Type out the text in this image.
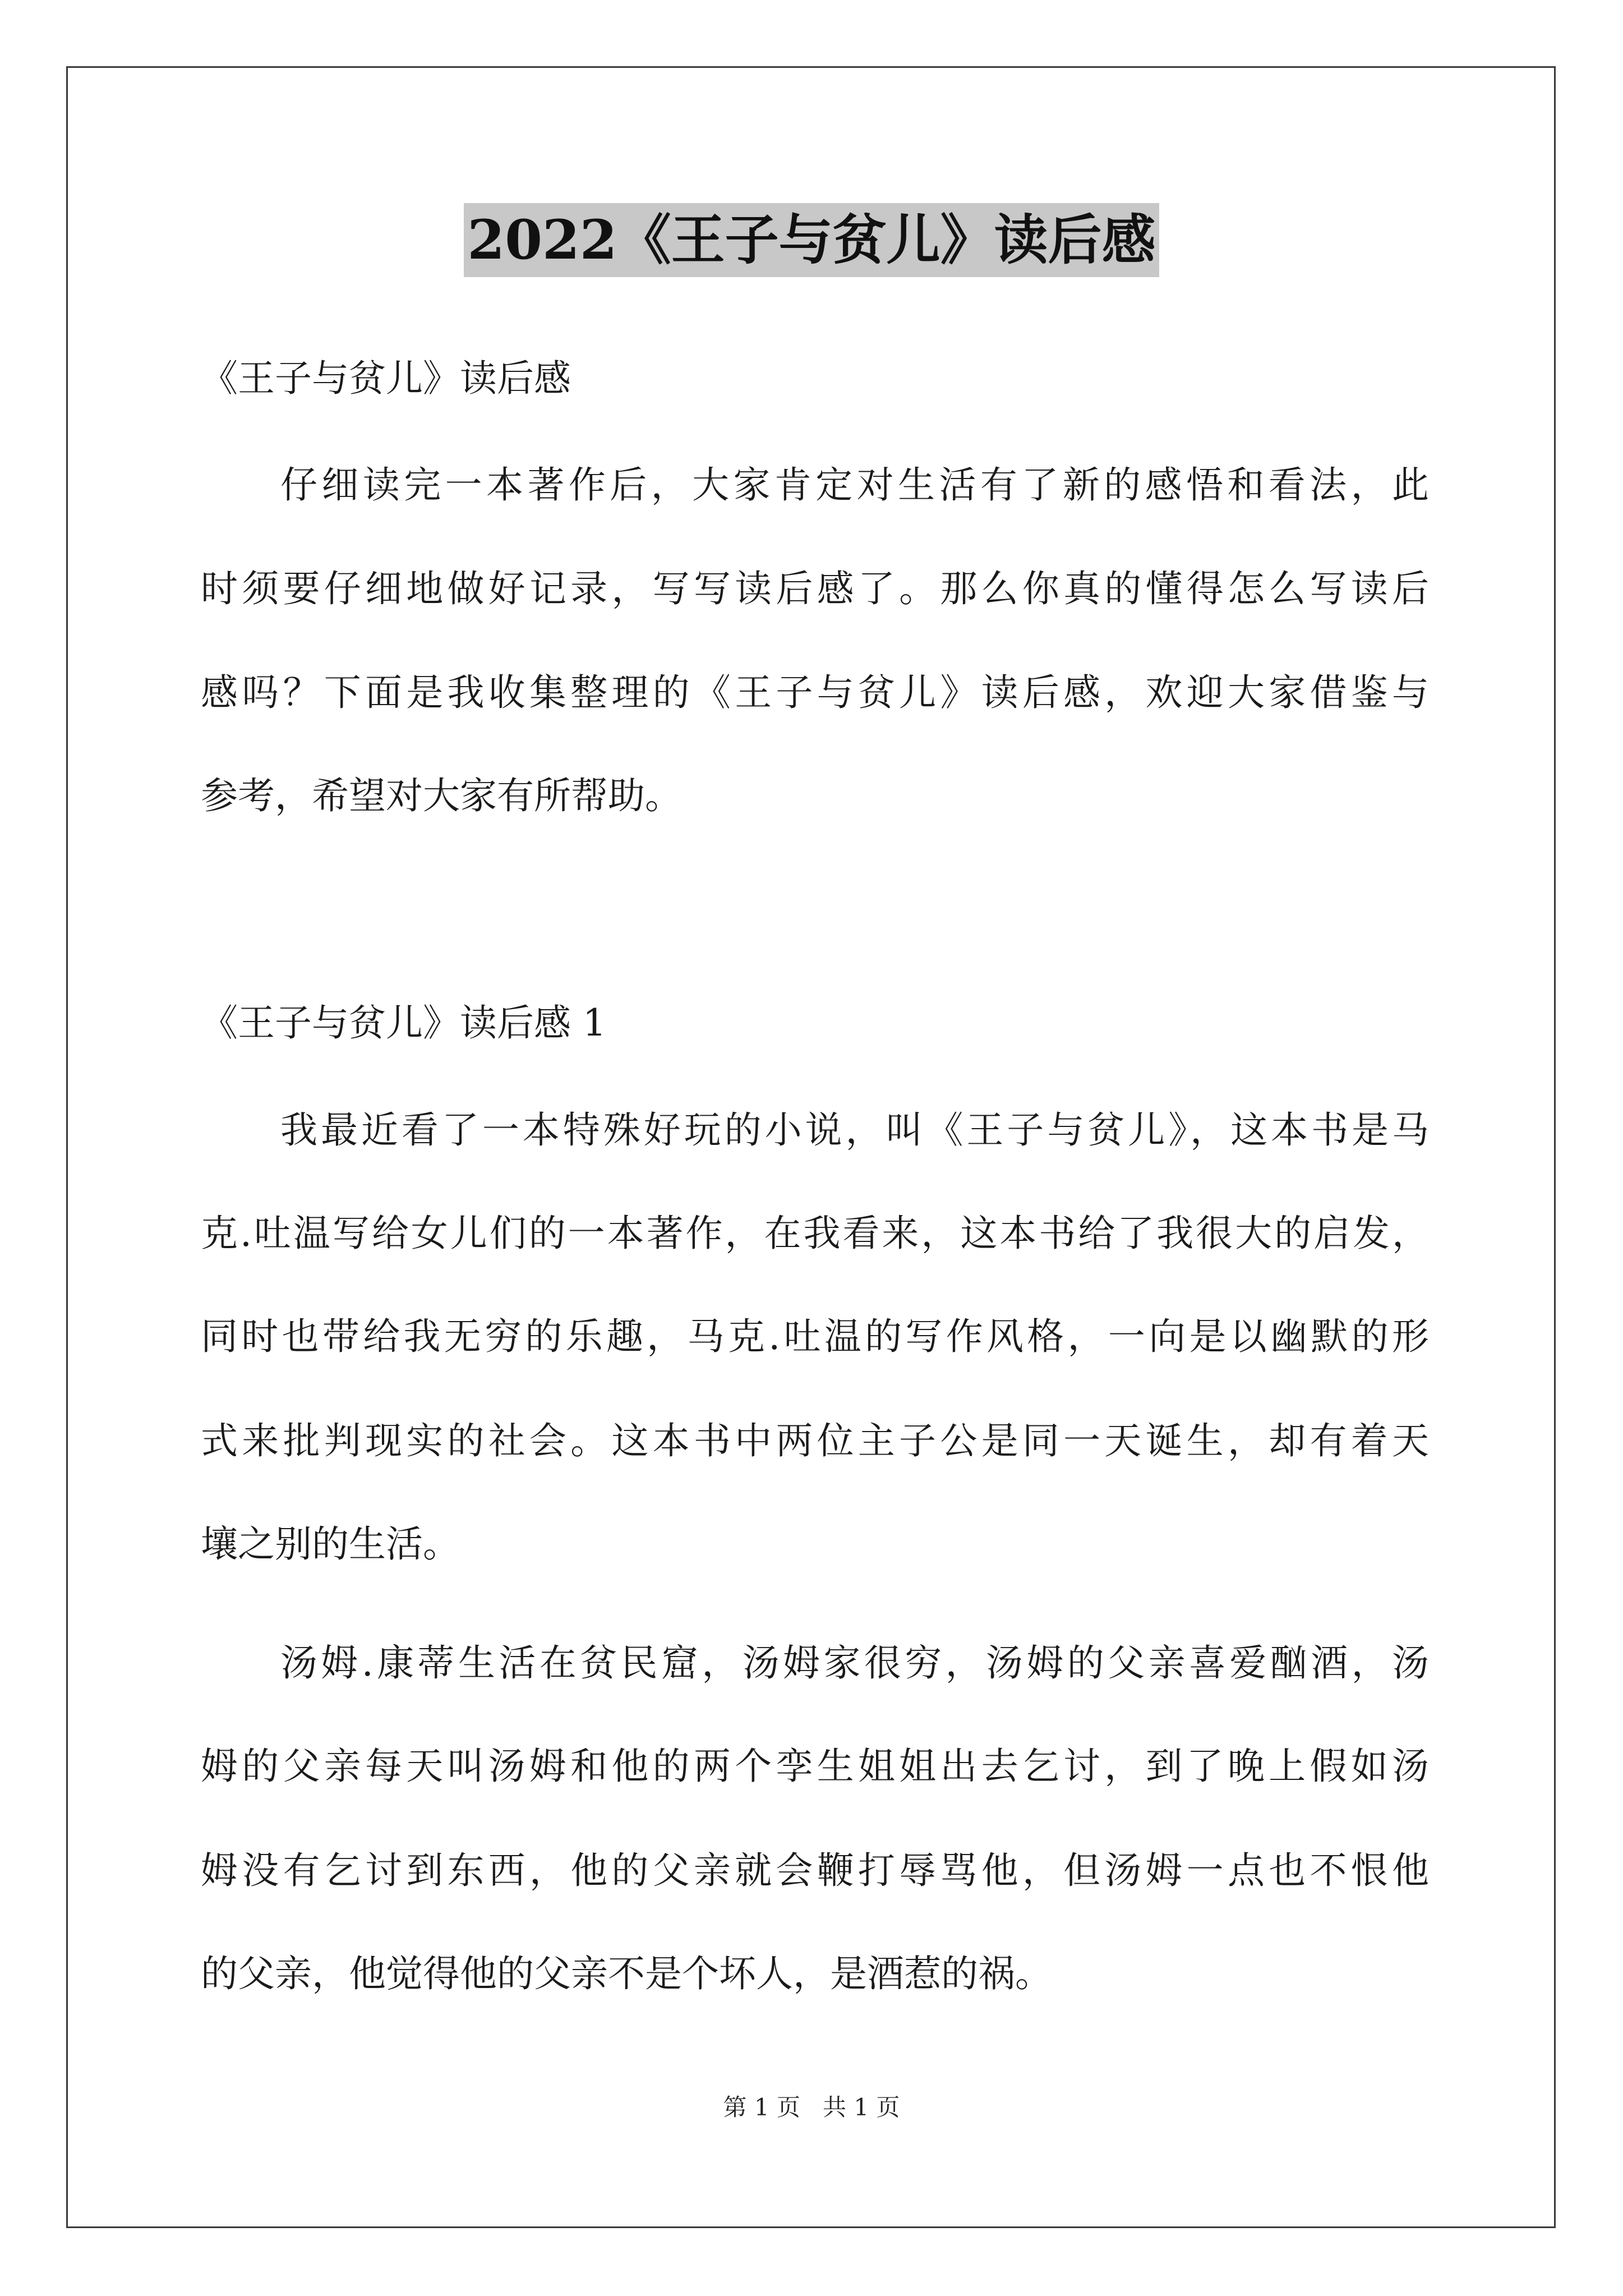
2022《王子与贫儿》读后感
《王子与贫儿》读后感
仔细读完一本著作后，大家肯定对生活有了新的感悟和看法，此
时须要仔细地做好记录，写写读后感了。那么你真的懂得怎么写读后
感吗？下面是我收集整理的《王子与贫儿》读后感，欢迎大家借鉴与
参考，希望对大家有所帮助。
《王子与贫儿》读后感 1
我最近看了一本特殊好玩的小说，叫《王子与贫儿》，这本书是马
克.吐温写给女儿们的一本著作，在我看来，这本书给了我很大的启发，
同时也带给我无穷的乐趣，马克.吐温的写作风格，一向是以幽默的形
式来批判现实的社会。这本书中两位主子公是同一天诞生，却有着天
壤之别的生活。
汤姆.康蒂生活在贫民窟，汤姆家很穷，汤姆的父亲喜爱酗酒，汤
姆的父亲每天叫汤姆和他的两个孪生姐姐出去乞讨，到了晚上假如汤
姆没有乞讨到东西，他的父亲就会鞭打辱骂他，但汤姆一点也不恨他
的父亲，他觉得他的父亲不是个坏人，是酒惹的祸。
第 1 页   共 1 页
